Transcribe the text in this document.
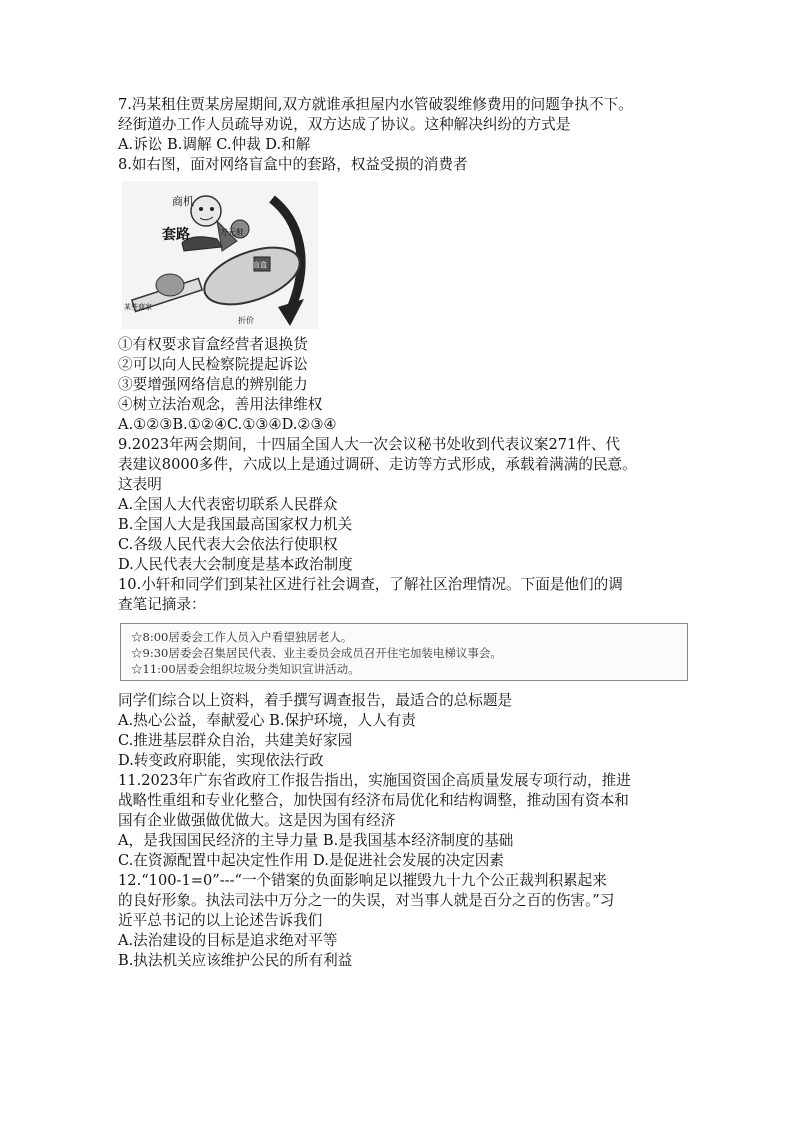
7.冯某租住贾某房屋期间,双方就谁承担屋内水管破裂维修费用的问题争执不下。
经街道办工作人员疏导劝说，双方达成了协议。这种解决纠纷的方式是
A.诉讼 B.调解 C.仲裁 D.和解
8.如右图，面对网络盲盒中的套路，权益受损的消费者
商机
套路	万元鞋
盲盒
某些商家
折价
①有权要求盲盒经营者退换货
②可以向人民检察院提起诉讼
③要增强网络信息的辨别能力
④树立法治观念，善用法律维权
A.①②③B.①②④C.①③④D.②③④
9.2023年两会期间，十四届全国人大一次会议秘书处收到代表议案271件、代
表建议8000多件，六成以上是通过调研、走访等方式形成，承载着满满的民意。
这表明
A.全国人大代表密切联系人民群众
B.全国人大是我国最高国家权力机关
C.各级人民代表大会依法行使职权
D.人民代表大会制度是基本政治制度
10.小轩和同学们到某社区进行社会调查，了解社区治理情况。下面是他们的调
查笔记摘录：
☆8:00居委会工作人员入户看望独居老人。
☆9:30居委会召集居民代表、业主委员会成员召开住宅加装电梯议事会。
☆11:00居委会组织垃圾分类知识宣讲活动。
同学们综合以上资料，着手撰写调查报告，最适合的总标题是
A.热心公益，奉献爱心 B.保护环境，人人有责
C.推进基层群众自治，共建美好家园
D.转变政府职能，实现依法行政
11.2023年广东省政府工作报告指出，实施国资国企高质量发展专项行动，推进
战略性重组和专业化整合，加快国有经济布局优化和结构调整，推动国有资本和
国有企业做强做优做大。这是因为国有经济
A，是我国国民经济的主导力量 B.是我国基本经济制度的基础
C.在资源配置中起决定性作用 D.是促进社会发展的决定因素
12.“100-1=0”---“一个错案的负面影响足以摧毁九十九个公正裁判积累起来
的良好形象。执法司法中万分之一的失误，对当事人就是百分之百的伤害。”习
近平总书记的以上论述告诉我们
A.法治建设的目标是追求绝对平等
B.执法机关应该维护公民的所有利益
